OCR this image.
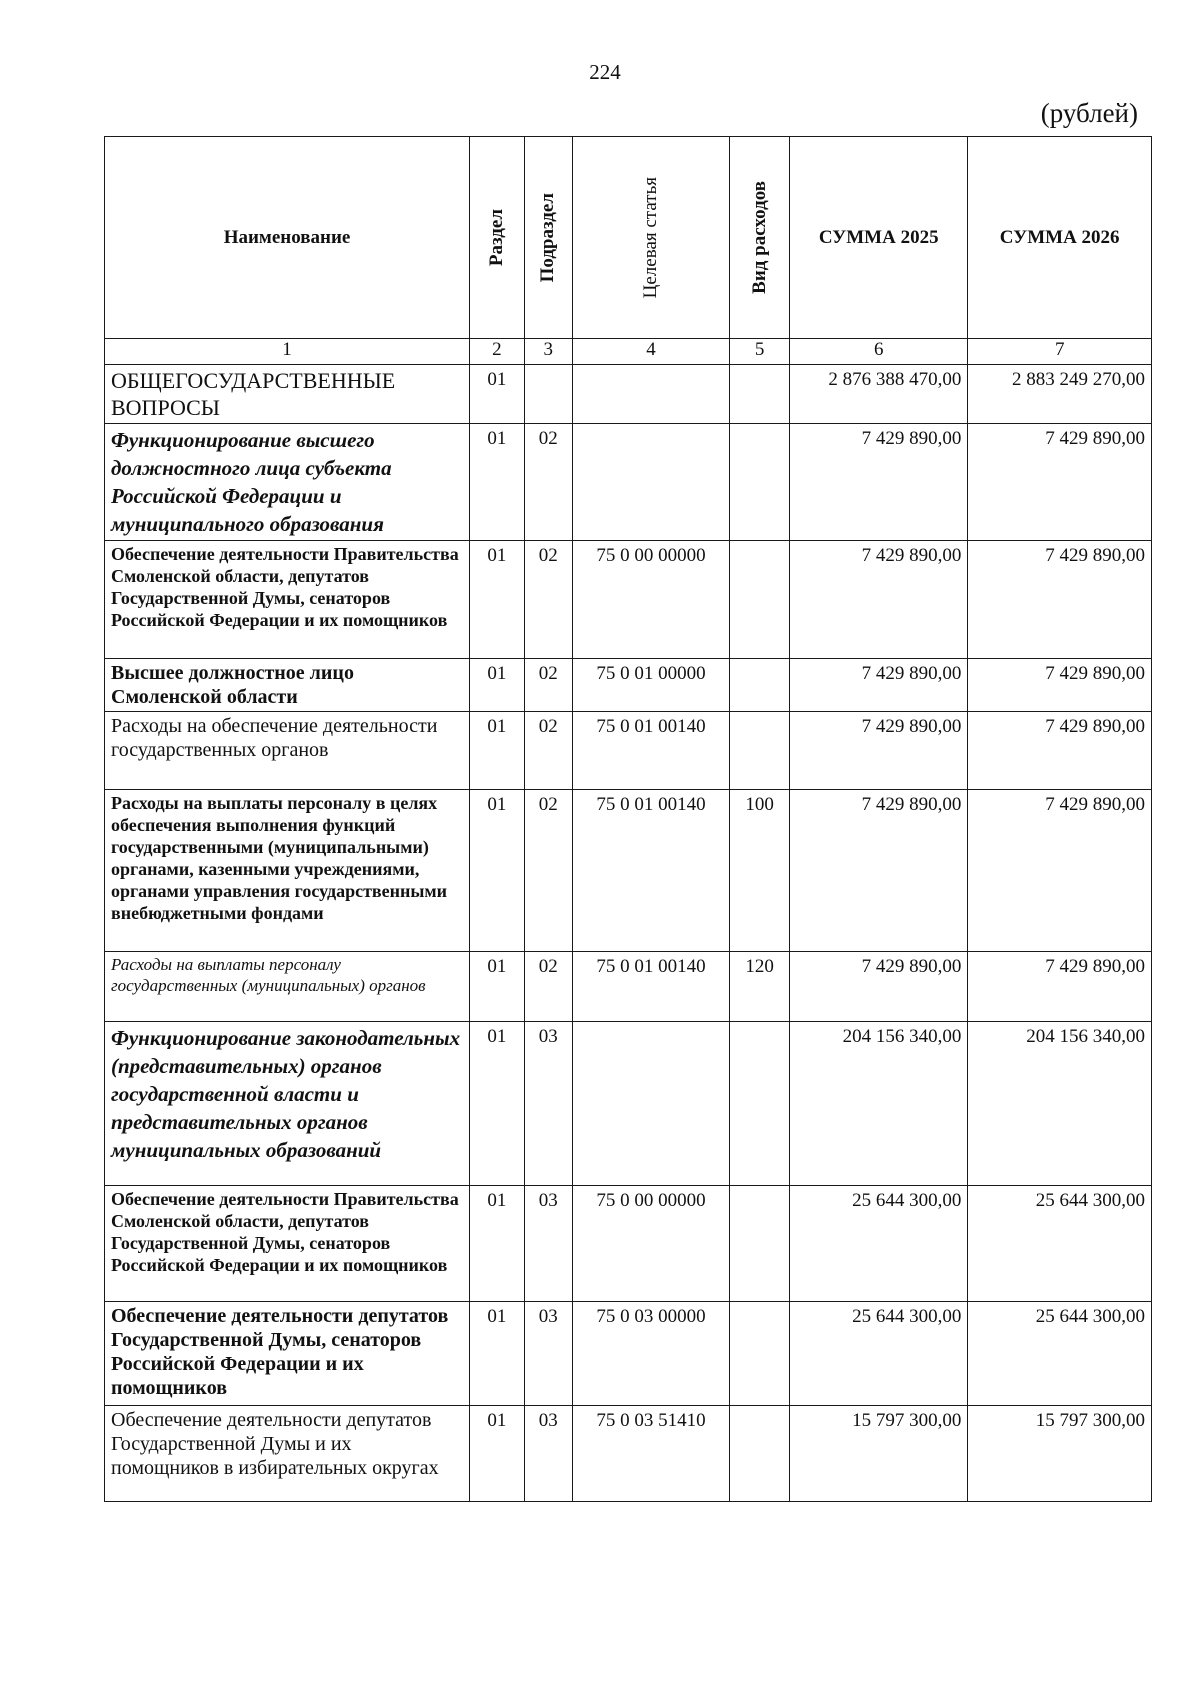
224
(рублей)
Наименование	Раздел	Подраздел	Целевая статья	Вид расходов	СУММА 2025	СУММА 2026
1	2	3	4	5	6	7
ОБЩЕГОСУДАРСТВЕННЫЕ ВОПРОСЫ	01				2 876 388 470,00	2 883 249 270,00
Функционирование высшего должностного лица субъекта Российской Федерации и муниципального образования	01	02			7 429 890,00	7 429 890,00
Обеспечение деятельности Правительства Смоленской области, депутатов Государственной Думы, сенаторов Российской Федерации и их помощников	01	02	75 0 00 00000		7 429 890,00	7 429 890,00
Высшее должностное лицо Смоленской области	01	02	75 0 01 00000		7 429 890,00	7 429 890,00
Расходы на обеспечение деятельности государственных органов	01	02	75 0 01 00140		7 429 890,00	7 429 890,00
Расходы на выплаты персоналу в целях обеспечения выполнения функций государственными (муниципальными) органами, казенными учреждениями, органами управления государственными внебюджетными фондами	01	02	75 0 01 00140	100	7 429 890,00	7 429 890,00
Расходы на выплаты персоналу государственных (муниципальных) органов	01	02	75 0 01 00140	120	7 429 890,00	7 429 890,00
Функционирование законодательных (представительных) органов государственной власти и представительных органов муниципальных образований	01	03			204 156 340,00	204 156 340,00
Обеспечение деятельности Правительства Смоленской области, депутатов Государственной Думы, сенаторов Российской Федерации и их помощников	01	03	75 0 00 00000		25 644 300,00	25 644 300,00
Обеспечение деятельности депутатов Государственной Думы, сенаторов Российской Федерации и их помощников	01	03	75 0 03 00000		25 644 300,00	25 644 300,00
Обеспечение деятельности депутатов Государственной Думы и их помощников в избирательных округах	01	03	75 0 03 51410		15 797 300,00	15 797 300,00
